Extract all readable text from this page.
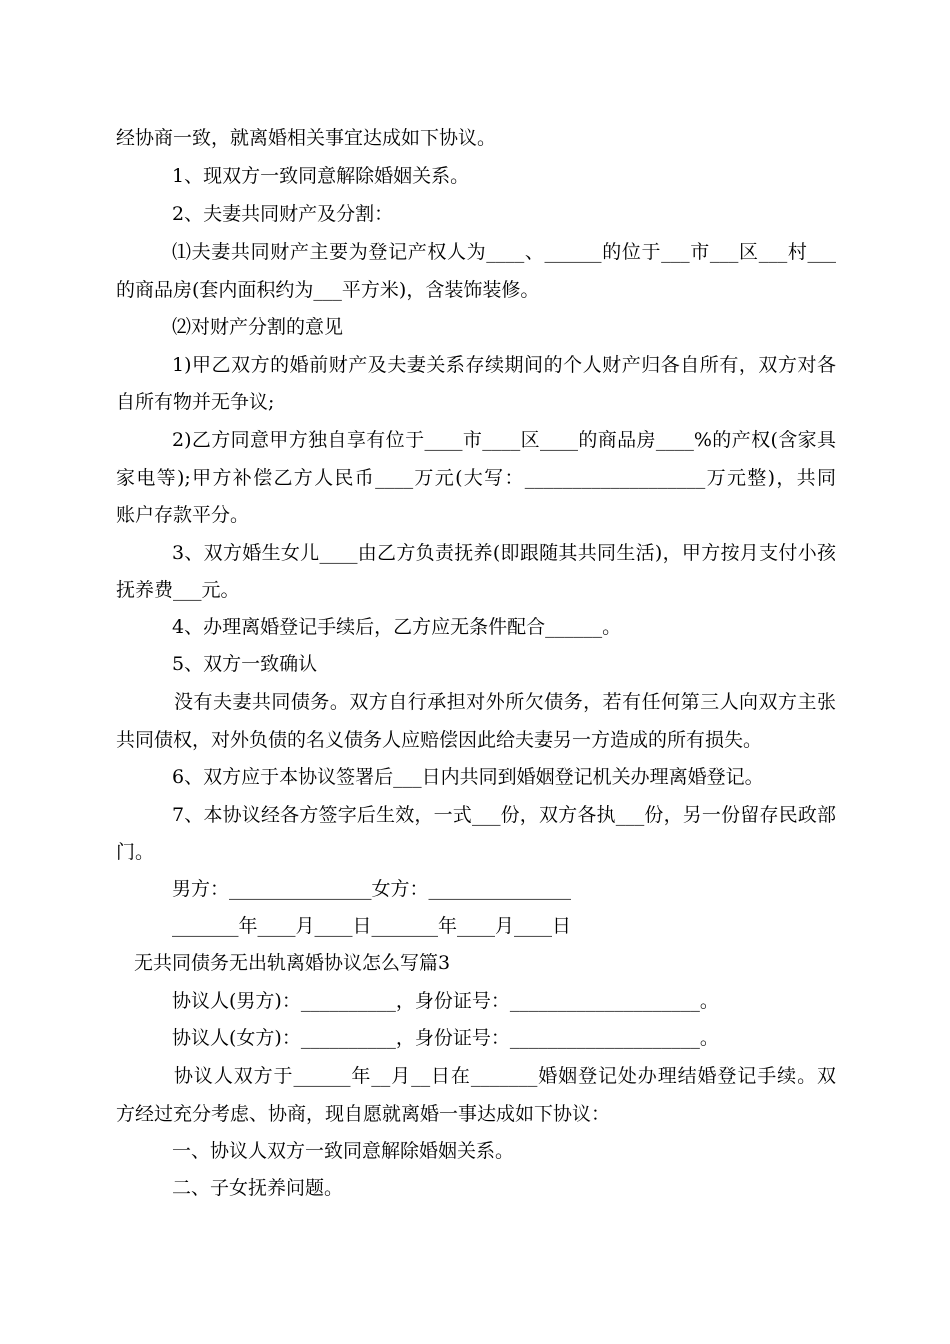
经协商一致，就离婚相关事宜达成如下协议。
1、现双方一致同意解除婚姻关系。
2、夫妻共同财产及分割：
⑴夫妻共同财产主要为登记产权人为____、______的位于___市___区___村___
的商品房(套内面积约为___平方米)，含装饰装修。
⑵对财产分割的意见
1)甲乙双方的婚前财产及夫妻关系存续期间的个人财产归各自所有，双方对各
自所有物并无争议;
2)乙方同意甲方独自享有位于____市____区____的商品房____%的产权(含家具
家电等);甲方补偿乙方人民币____万元(大写：___________________万元整)，共同
账户存款平分。
3、双方婚生女儿____由乙方负责抚养(即跟随其共同生活)，甲方按月支付小孩
抚养费___元。
4、办理离婚登记手续后，乙方应无条件配合______。
5、双方一致确认
没有夫妻共同债务。双方自行承担对外所欠债务，若有任何第三人向双方主张
共同债权，对外负债的名义债务人应赔偿因此给夫妻另一方造成的所有损失。
6、双方应于本协议签署后___日内共同到婚姻登记机关办理离婚登记。
7、本协议经各方签字后生效，一式___份，双方各执___份，另一份留存民政部
门。
男方：_______________女方：_______________
_______年____月____日_______年____月____日
无共同债务无出轨离婚协议怎么写篇3
协议人(男方)：__________，身份证号：____________________。
协议人(女方)：__________，身份证号：____________________。
协议人双方于______年__月__日在_______婚姻登记处办理结婚登记手续。双
方经过充分考虑、协商，现自愿就离婚一事达成如下协议：
一、协议人双方一致同意解除婚姻关系。
二、子女抚养问题。
